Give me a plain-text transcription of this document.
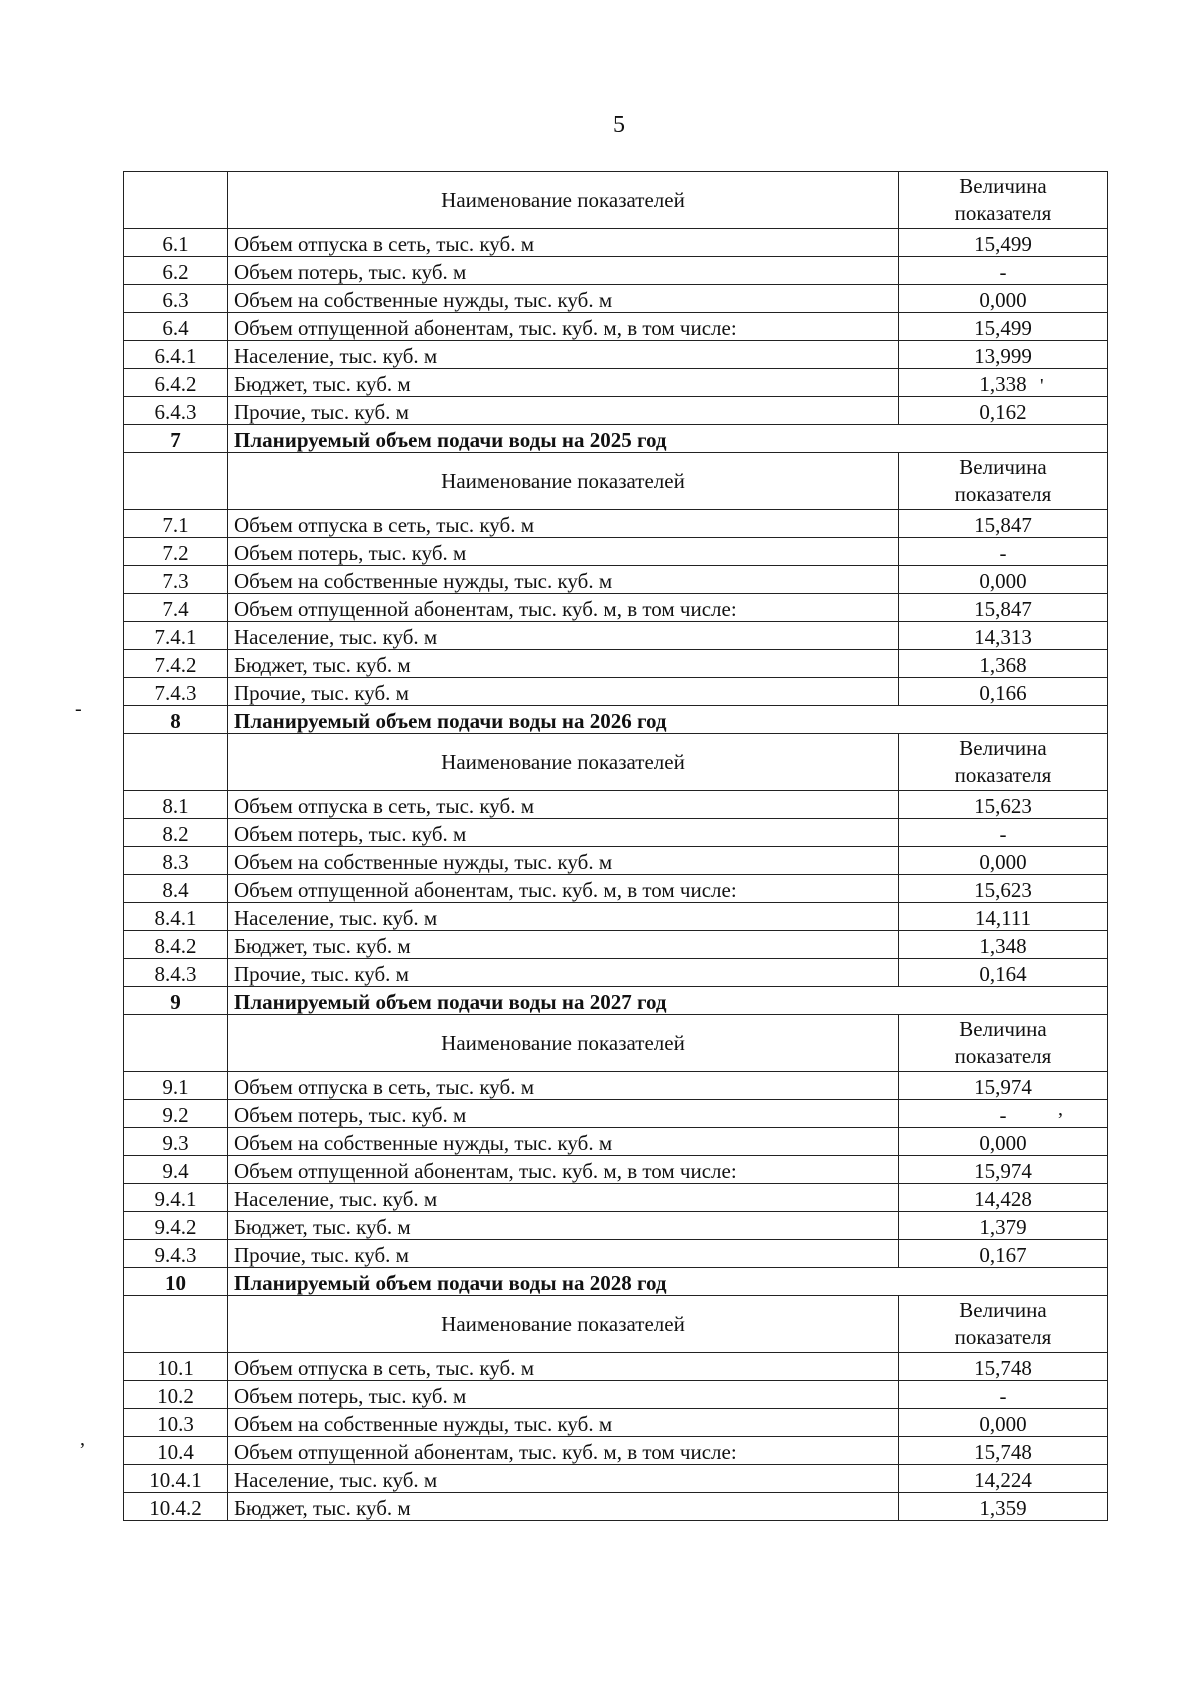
5
	Наименование показателей	Величина
показателя
6.1	Объем отпуска в сеть, тыс. куб. м	15,499
6.2	Объем потерь, тыс. куб. м	-
6.3	Объем на собственные нужды, тыс. куб. м	0,000
6.4	Объем отпущенной абонентам, тыс. куб. м, в том числе:	15,499
6.4.1	Население, тыс. куб. м	13,999
6.4.2	Бюджет, тыс. куб. м	1,338
6.4.3	Прочие, тыс. куб. м	0,162
7	Планируемый объем подачи воды на 2025 год	
	Наименование показателей	Величина
показателя
7.1	Объем отпуска в сеть, тыс. куб. м	15,847
7.2	Объем потерь, тыс. куб. м	-
7.3	Объем на собственные нужды, тыс. куб. м	0,000
7.4	Объем отпущенной абонентам, тыс. куб. м, в том числе:	15,847
7.4.1	Население, тыс. куб. м	14,313
7.4.2	Бюджет, тыс. куб. м	1,368
7.4.3	Прочие, тыс. куб. м	0,166
8	Планируемый объем подачи воды на 2026 год	
	Наименование показателей	Величина
показателя
8.1	Объем отпуска в сеть, тыс. куб. м	15,623
8.2	Объем потерь, тыс. куб. м	-
8.3	Объем на собственные нужды, тыс. куб. м	0,000
8.4	Объем отпущенной абонентам, тыс. куб. м, в том числе:	15,623
8.4.1	Население, тыс. куб. м	14,111
8.4.2	Бюджет, тыс. куб. м	1,348
8.4.3	Прочие, тыс. куб. м	0,164
9	Планируемый объем подачи воды на 2027 год	
	Наименование показателей	Величина
показателя
9.1	Объем отпуска в сеть, тыс. куб. м	15,974
9.2	Объем потерь, тыс. куб. м	-
9.3	Объем на собственные нужды, тыс. куб. м	0,000
9.4	Объем отпущенной абонентам, тыс. куб. м, в том числе:	15,974
9.4.1	Население, тыс. куб. м	14,428
9.4.2	Бюджет, тыс. куб. м	1,379
9.4.3	Прочие, тыс. куб. м	0,167
10	Планируемый объем подачи воды на 2028 год	
	Наименование показателей	Величина
показателя
10.1	Объем отпуска в сеть, тыс. куб. м	15,748
10.2	Объем потерь, тыс. куб. м	-
10.3	Объем на собственные нужды, тыс. куб. м	0,000
10.4	Объем отпущенной абонентам, тыс. куб. м, в том числе:	15,748
10.4.1	Население, тыс. куб. м	14,224
10.4.2	Бюджет, тыс. куб. м	1,359
'
,
-
,
